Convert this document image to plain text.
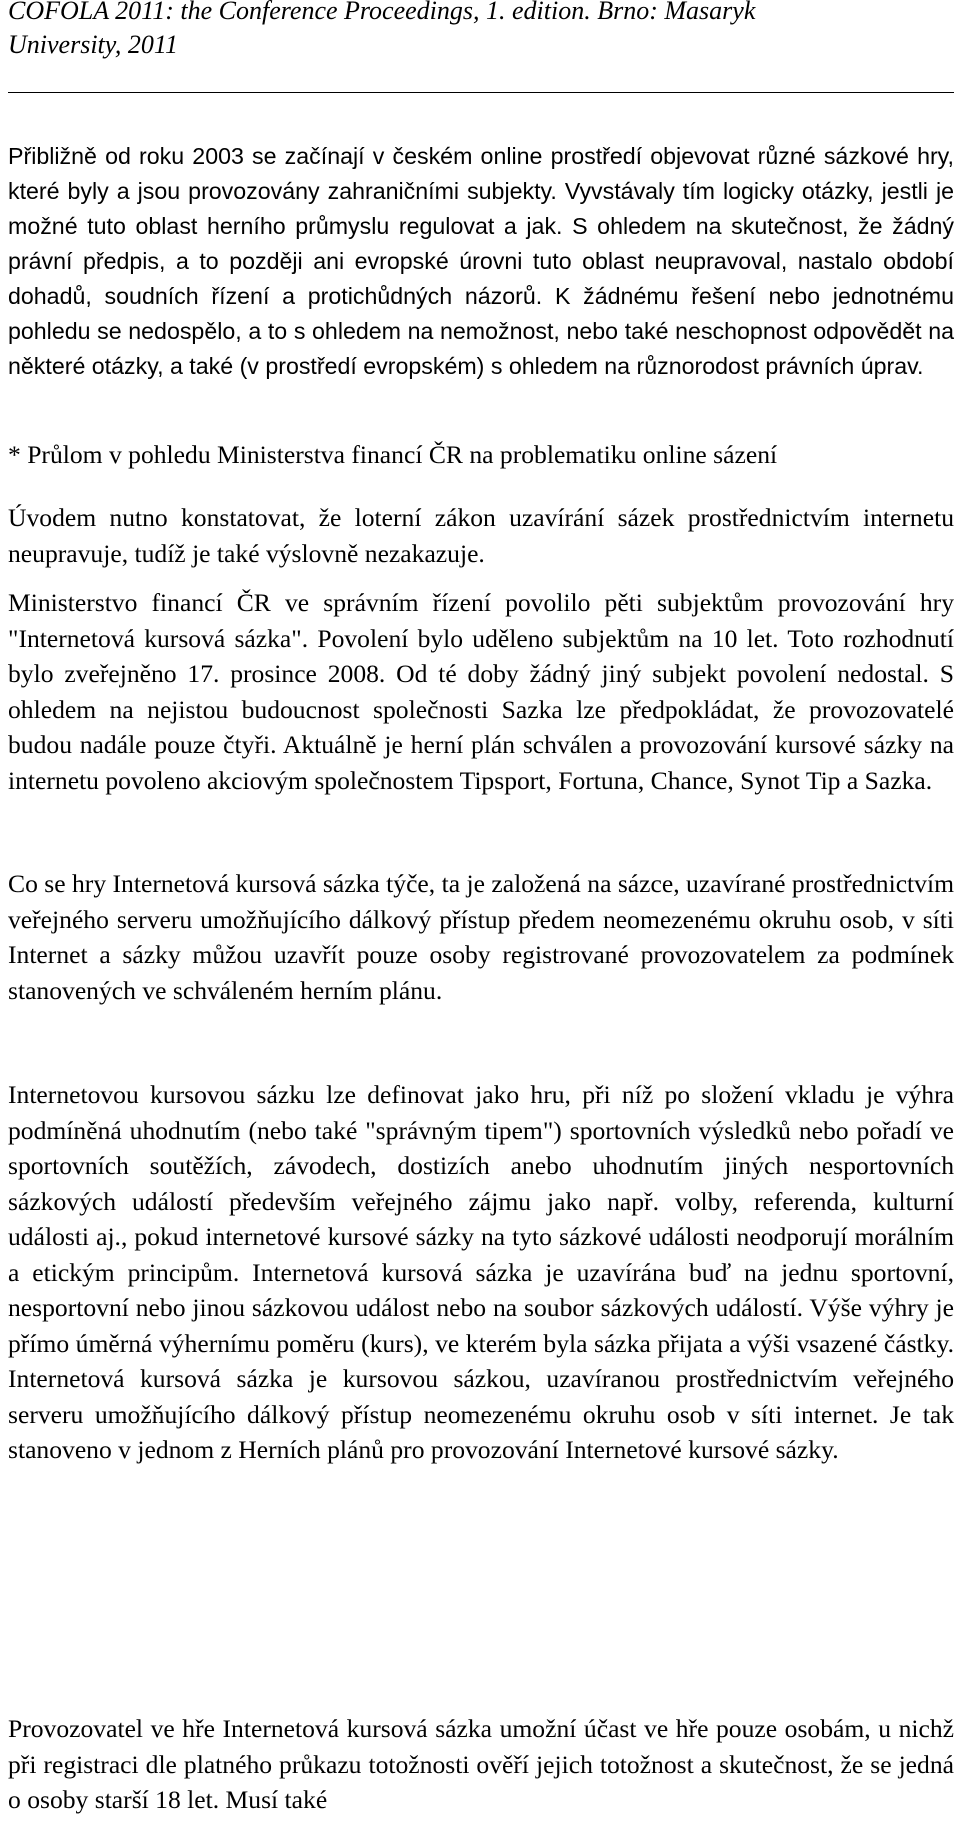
COFOLA 2011: the Conference Proceedings, 1. edition. Brno: Masaryk University, 2011

Přibližně od roku 2003 se začínají v českém online prostředí objevovat různé sázkové hry, které byly a jsou provozovány zahraničními subjekty. Vyvstávaly tím logicky otázky, jestli je možné tuto oblast herního průmyslu regulovat a jak. S ohledem na skutečnost, že žádný právní předpis, a to později ani evropské úrovni tuto oblast neupravoval, nastalo období dohadů, soudních řízení a protichůdných názorů. K žádnému řešení nebo jednotnému pohledu se nedospělo, a to s ohledem na nemožnost, nebo také neschopnost odpovědět na některé otázky, a také (v prostředí evropském) s ohledem na různorodost právních úprav.

* Průlom v pohledu Ministerstva financí ČR na problematiku online sázení

Úvodem nutno konstatovat, že loterní zákon uzavírání sázek prostřednictvím internetu neupravuje, tudíž je také výslovně nezakazuje.

Ministerstvo financí ČR ve správním řízení povolilo pěti subjektům provozování hry "Internetová kursová sázka". Povolení bylo uděleno subjektům na 10 let. Toto rozhodnutí bylo zveřejněno 17. prosince 2008. Od té doby žádný jiný subjekt povolení nedostal. S ohledem na nejistou budoucnost společnosti Sazka lze předpokládat, že provozovatelé budou nadále pouze čtyři. Aktuálně je herní plán schválen a provozování kursové sázky na internetu povoleno akciovým společnostem Tipsport, Fortuna, Chance, Synot Tip a Sazka.

Co se hry Internetová kursová sázka týče, ta je založená na sázce, uzavírané prostřednictvím veřejného serveru umožňujícího dálkový přístup předem neomezenému okruhu osob, v síti Internet a sázky můžou uzavřít pouze osoby registrované provozovatelem za podmínek stanovených ve schváleném herním plánu.

Internetovou kursovou sázku lze definovat jako hru, při níž po složení vkladu je výhra podmíněná uhodnutím (nebo také "správným tipem") sportovních výsledků nebo pořadí ve sportovních soutěžích, závodech, dostizích anebo uhodnutím jiných nesportovních sázkových událostí především veřejného zájmu jako např. volby, referenda, kulturní události aj., pokud internetové kursové sázky na tyto sázkové události neodporují morálním a etickým principům. Internetová kursová sázka je uzavírána buď na jednu sportovní, nesportovní nebo jinou sázkovou událost nebo na soubor sázkových událostí. Výše výhry je přímo úměrná výhernímu poměru (kurs), ve kterém byla sázka přijata a výši vsazené částky. Internetová kursová sázka je kursovou sázkou, uzavíranou prostřednictvím veřejného serveru umožňujícího dálkový přístup neomezenému okruhu osob v síti internet. Je tak stanoveno v jednom z Herních plánů pro provozování Internetové kursové sázky.

Provozovatel ve hře Internetová kursová sázka umožní účast ve hře pouze osobám, u nichž při registraci dle platného průkazu totožnosti ověří jejich totožnost a skutečnost, že se jedná o osoby starší 18 let. Musí také
